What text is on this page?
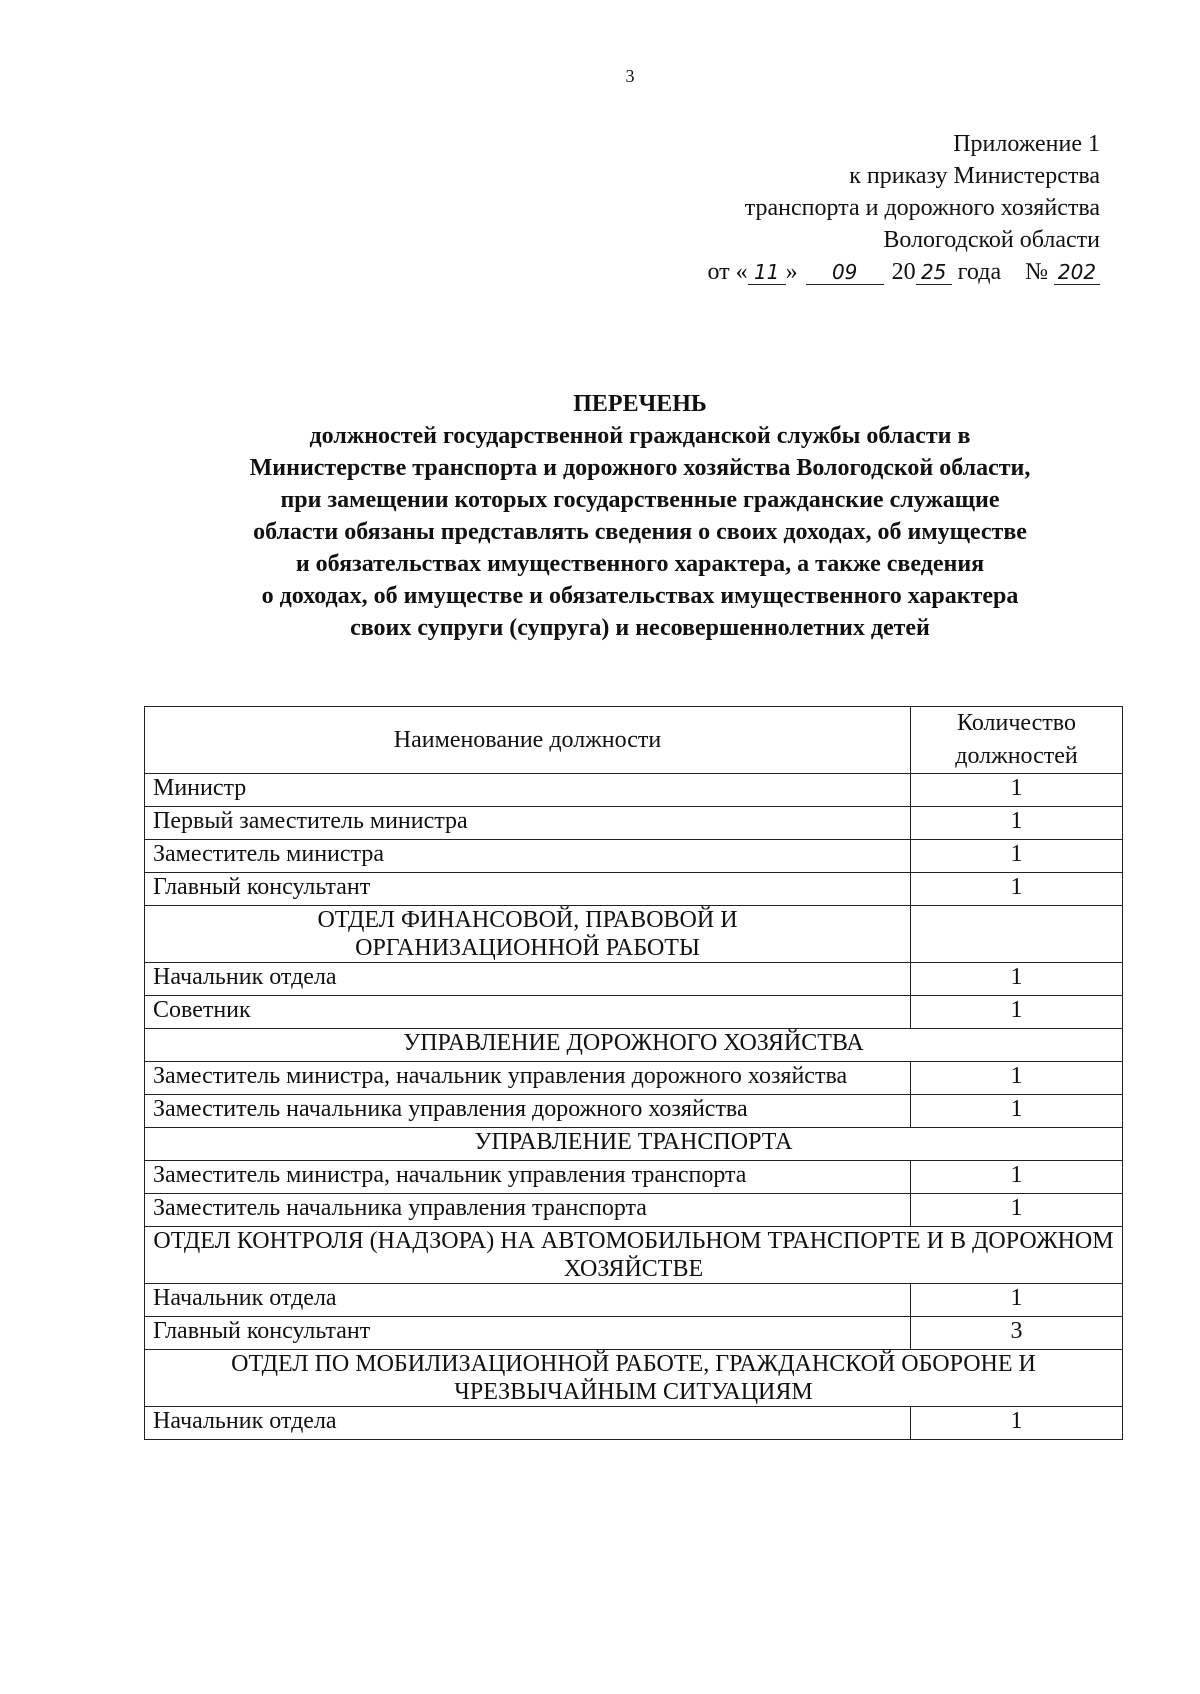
3
Приложение 1
к приказу Министерства
транспорта и дорожного хозяйства
Вологодской области
от « 11 » 09 20 25 года № 202
ПЕРЕЧЕНЬ
должностей государственной гражданской службы области в
Министерстве транспорта и дорожного хозяйства Вологодской области,
при замещении которых государственные гражданские служащие
области обязаны представлять сведения о своих доходах, об имуществе
и обязательствах имущественного характера, а также сведения
о доходах, об имуществе и обязательствах имущественного характера
своих супруги (супруга) и несовершеннолетних детей
Наименование должности	Количество должностей
Министр	1
Первый заместитель министра	1
Заместитель министра	1
Главный консультант	1
ОТДЕЛ ФИНАНСОВОЙ, ПРАВОВОЙ И ОРГАНИЗАЦИОННОЙ РАБОТЫ	
Начальник отдела	1
Советник	1
УПРАВЛЕНИЕ ДОРОЖНОГО ХОЗЯЙСТВА	
Заместитель министра, начальник управления дорожного хозяйства	1
Заместитель начальника управления дорожного хозяйства	1
УПРАВЛЕНИЕ ТРАНСПОРТА	
Заместитель министра, начальник управления транспорта	1
Заместитель начальника управления транспорта	1
ОТДЕЛ КОНТРОЛЯ (НАДЗОРА) НА АВТОМОБИЛЬНОМ ТРАНСПОРТЕ И В ДОРОЖНОМ ХОЗЯЙСТВЕ	
Начальник отдела	1
Главный консультант	3
ОТДЕЛ ПО МОБИЛИЗАЦИОННОЙ РАБОТЕ, ГРАЖДАНСКОЙ ОБОРОНЕ И ЧРЕЗВЫЧАЙНЫМ СИТУАЦИЯМ	
Начальник отдела	1
